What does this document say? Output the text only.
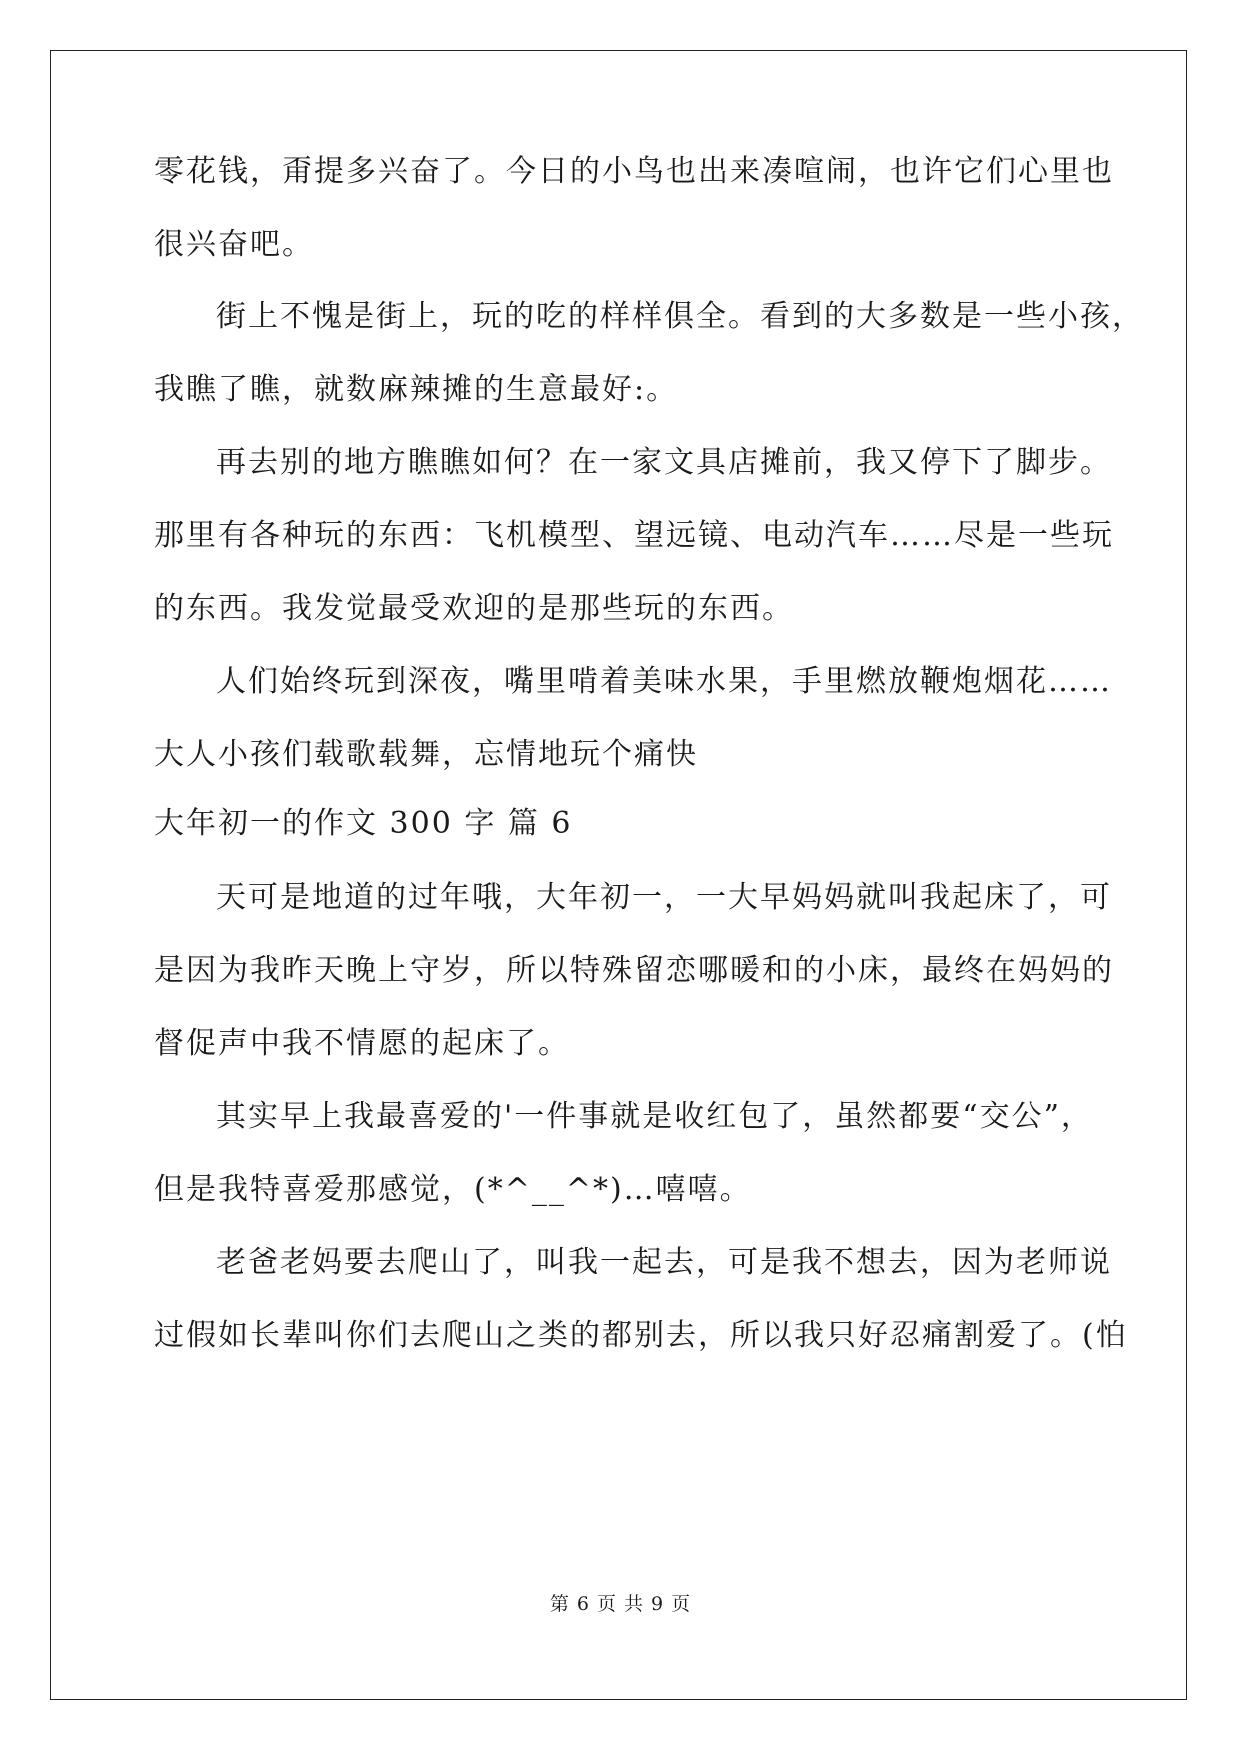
零花钱，甭提多兴奋了。今日的小鸟也出来凑喧闹，也许它们心里也
很兴奋吧。
街上不愧是街上，玩的吃的样样俱全。看到的大多数是一些小孩，
我瞧了瞧，就数麻辣摊的生意最好:。
再去别的地方瞧瞧如何？在一家文具店摊前，我又停下了脚步。
那里有各种玩的东西：飞机模型、望远镜、电动汽车……尽是一些玩
的东西。我发觉最受欢迎的是那些玩的东西。
人们始终玩到深夜，嘴里啃着美味水果，手里燃放鞭炮烟花……
大人小孩们载歌载舞，忘情地玩个痛快
大年初一的作文 300 字 篇 6
天可是地道的过年哦，大年初一，一大早妈妈就叫我起床了，可
是因为我昨天晚上守岁，所以特殊留恋哪暖和的小床，最终在妈妈的
督促声中我不情愿的起床了。
其实早上我最喜爱的'一件事就是收红包了，虽然都要“交公”，
但是我特喜爱那感觉，(*^__^*)…嘻嘻。
老爸老妈要去爬山了，叫我一起去，可是我不想去，因为老师说
过假如长辈叫你们去爬山之类的都别去，所以我只好忍痛割爱了。(怕
第 6 页 共 9 页
